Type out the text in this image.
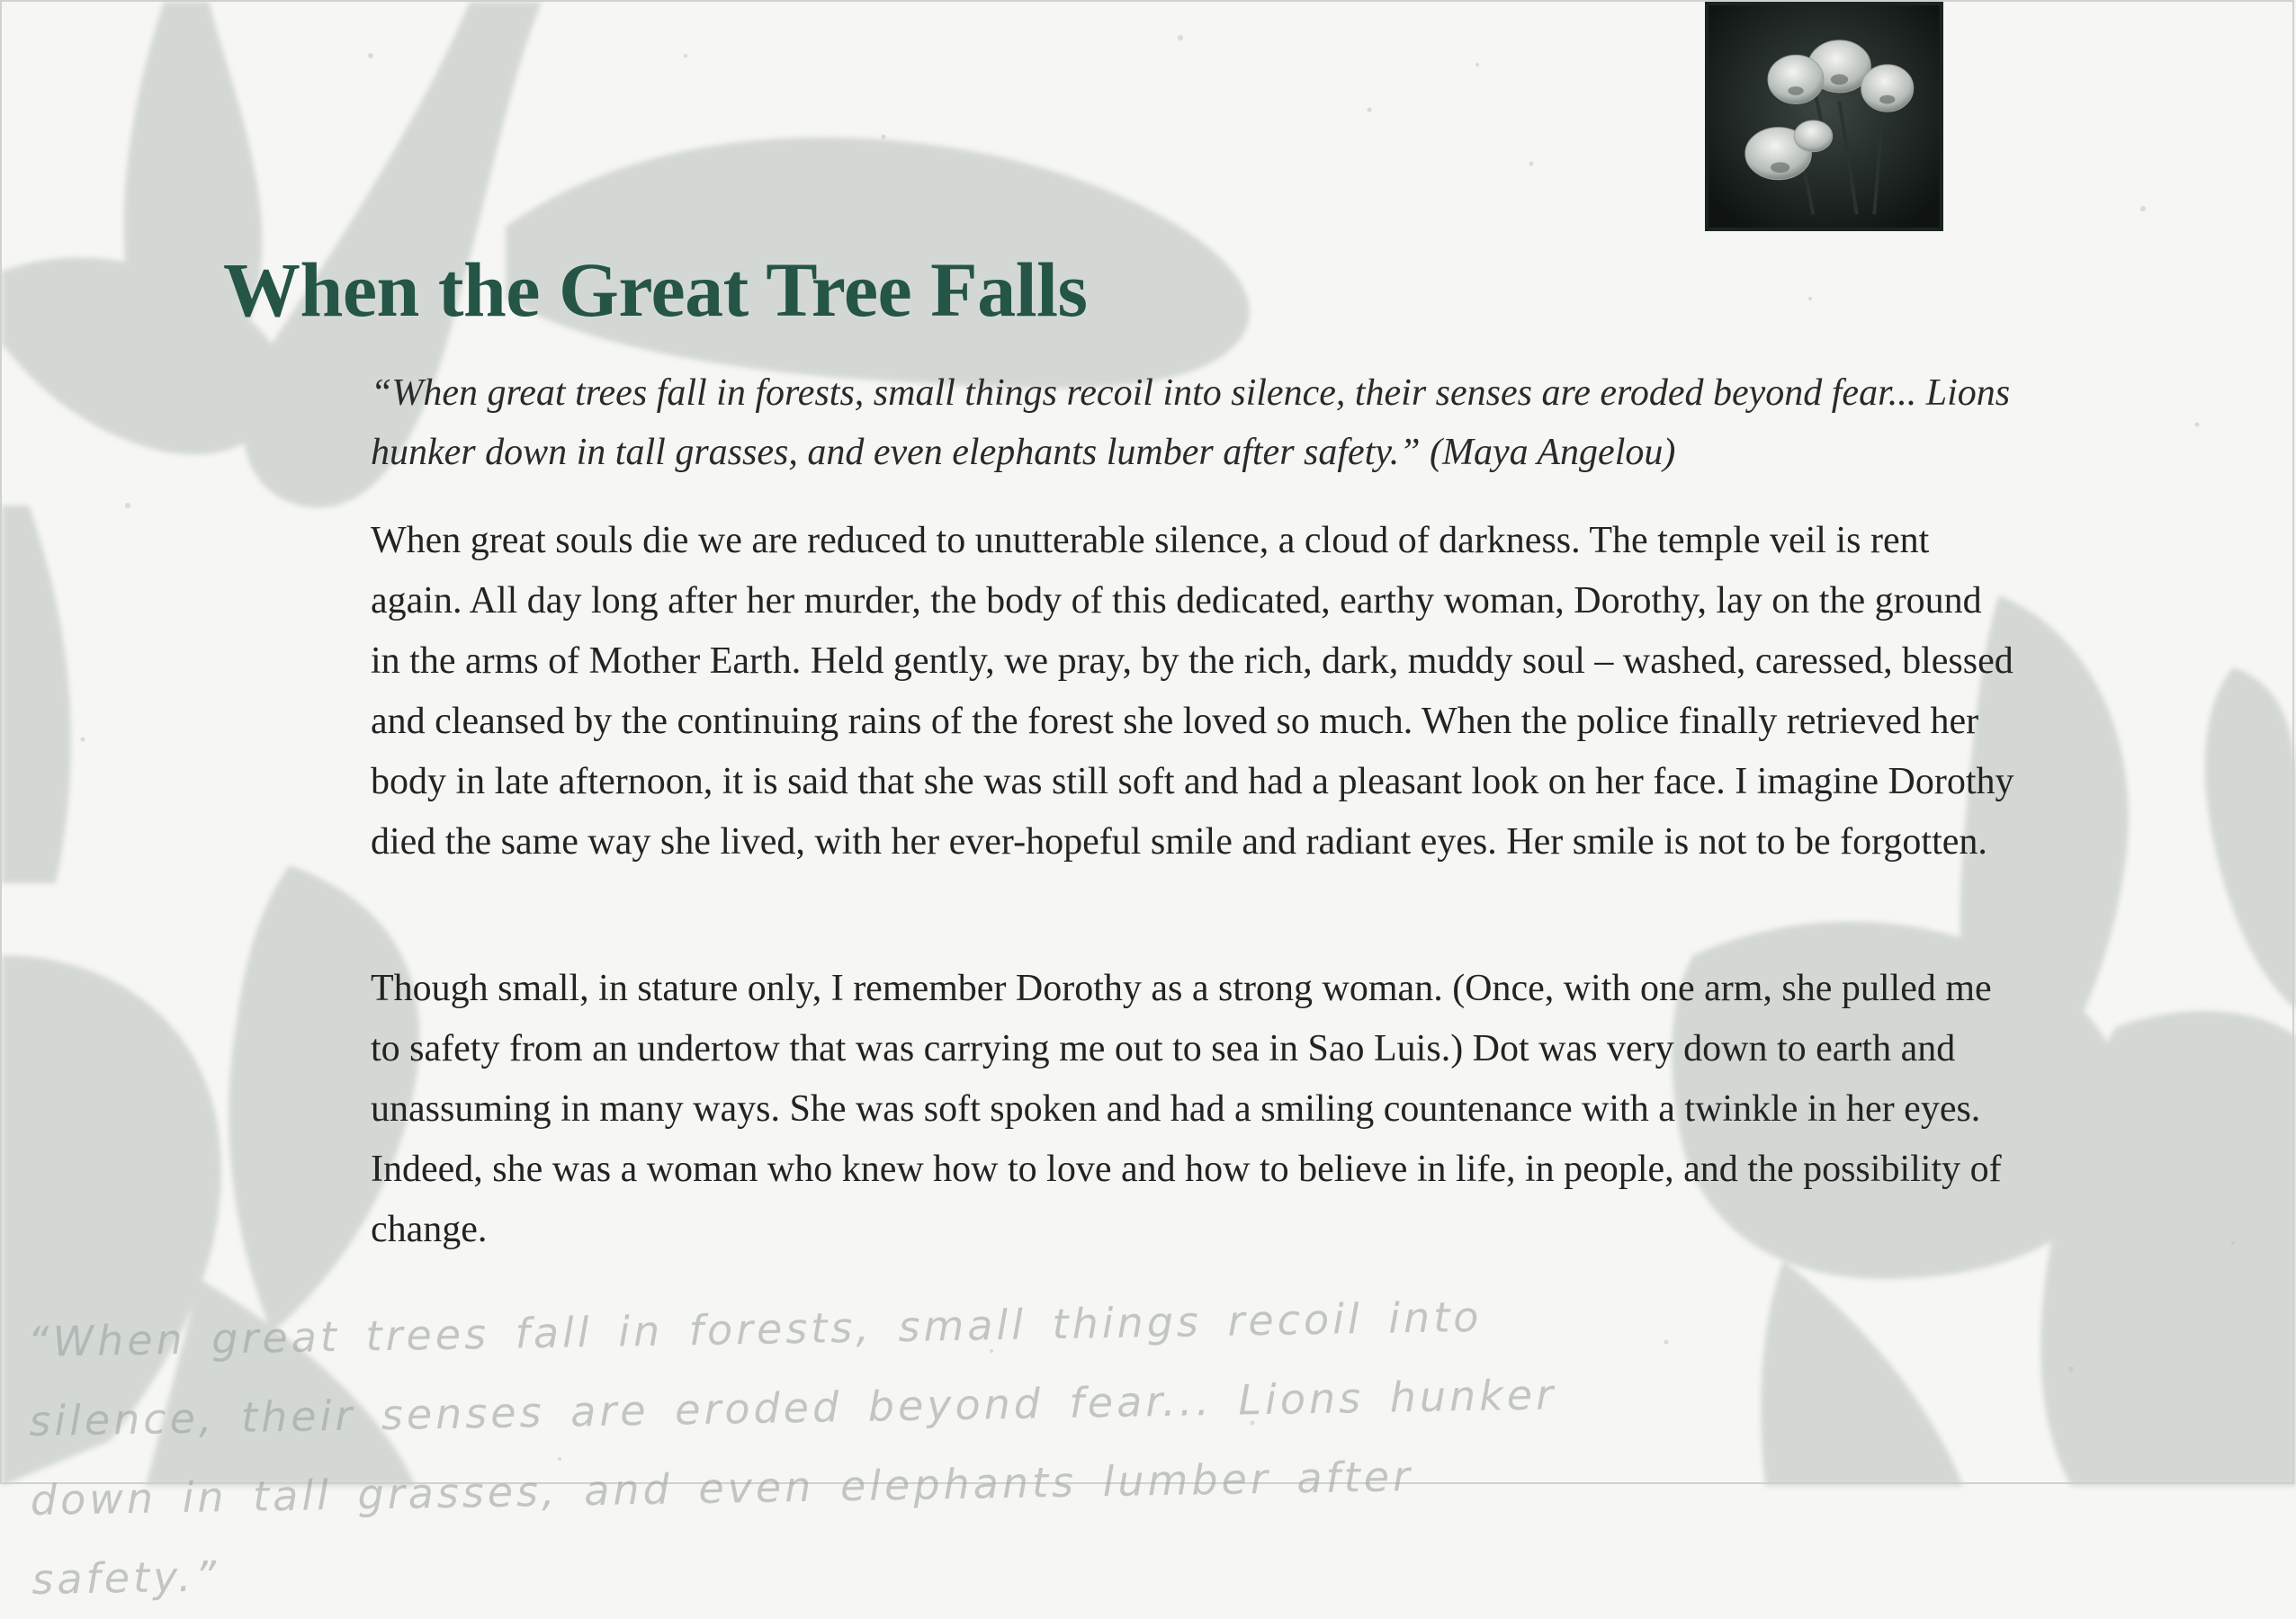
When the Great Tree Falls

“When great trees fall in forests, small things recoil into silence, their senses are eroded beyond fear... Lions hunker down in tall grasses, and even elephants lumber after safety.” (Maya Angelou)

When great souls die we are reduced to unutterable silence, a cloud of darkness. The temple veil is rent again. All day long after her murder, the body of this dedicated, earthy woman, Dorothy, lay on the ground in the arms of Mother Earth. Held gently, we pray, by the rich, dark, muddy soul – washed, caressed, blessed and cleansed by the continuing rains of the forest she loved so much. When the police finally retrieved her body in late afternoon, it is said that she was still soft and had a pleasant look on her face. I imagine Dorothy died the same way she lived, with her ever-hopeful smile and radiant eyes. Her smile is not to be forgotten.

Though small, in stature only, I remember Dorothy as a strong woman. (Once, with one arm, she pulled me to safety from an undertow that was carrying me out to sea in Sao Luis.) Dot was very down to earth and unassuming in many ways. She was soft spoken and had a smiling countenance with a twinkle in her eyes. Indeed, she was a woman who knew how to love and how to believe in life, in people, and the possibility of change.

“When great trees fall in forests, small things recoil into silence, their senses are eroded beyond fear... Lions hunker down in tall grasses, and even elephants lumber after safety.”
